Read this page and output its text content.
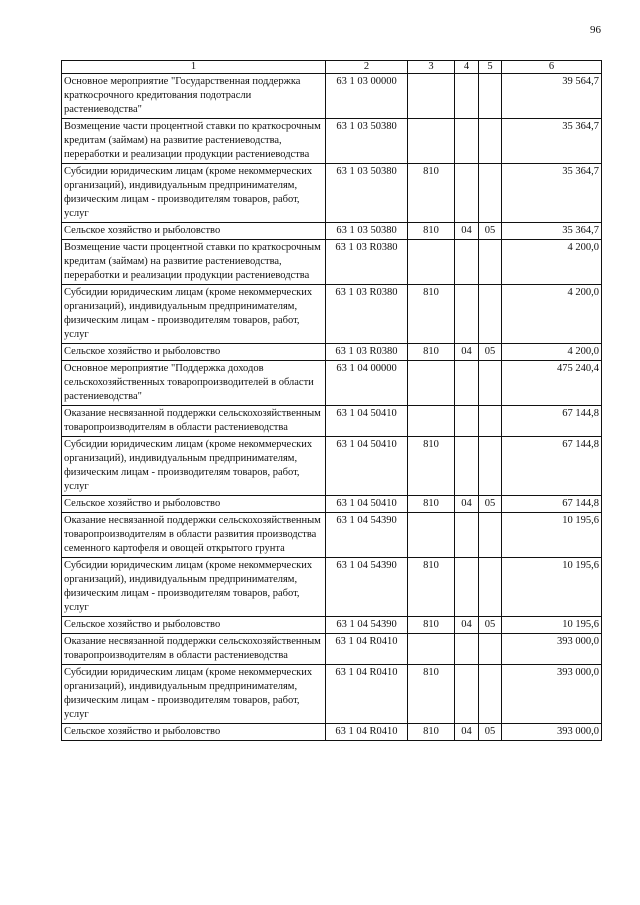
96
1	2	3	4	5	6
Основное мероприятие "Государственная поддержка краткосрочного кредитования подотрасли растениеводства"	63 1 03 00000				39 564,7
Возмещение части процентной ставки по краткосрочным кредитам (займам) на развитие растениеводства, переработки и реализации продукции растениеводства	63 1 03 50380				35 364,7
Субсидии юридическим лицам (кроме некоммерческих организаций), индивидуальным предпринимателям, физическим лицам - производителям товаров, работ, услуг	63 1 03 50380	810			35 364,7
Сельское хозяйство и рыболовство	63 1 03 50380	810	04	05	35 364,7
Возмещение части процентной ставки по краткосрочным кредитам (займам) на развитие растениеводства, переработки и реализации продукции растениеводства	63 1 03 R0380				4 200,0
Субсидии юридическим лицам (кроме некоммерческих организаций), индивидуальным предпринимателям, физическим лицам - производителям товаров, работ, услуг	63 1 03 R0380	810			4 200,0
Сельское хозяйство и рыболовство	63 1 03 R0380	810	04	05	4 200,0
Основное мероприятие "Поддержка доходов сельскохозяйственных товаропроизводителей в области растениеводства"	63 1 04 00000				475 240,4
Оказание несвязанной поддержки сельскохозяйственным товаропроизводителям в области растениеводства	63 1 04 50410				67 144,8
Субсидии юридическим лицам (кроме некоммерческих организаций), индивидуальным предпринимателям, физическим лицам - производителям товаров, работ, услуг	63 1 04 50410	810			67 144,8
Сельское хозяйство и рыболовство	63 1 04 50410	810	04	05	67 144,8
Оказание несвязанной поддержки сельскохозяйственным товаропроизводителям в области развития производства семенного картофеля и овощей открытого грунта	63 1 04 54390				10 195,6
Субсидии юридическим лицам (кроме некоммерческих организаций), индивидуальным предпринимателям, физическим лицам - производителям товаров, работ, услуг	63 1 04 54390	810			10 195,6
Сельское хозяйство и рыболовство	63 1 04 54390	810	04	05	10 195,6
Оказание несвязанной поддержки сельскохозяйственным товаропроизводителям в области растениеводства	63 1 04 R0410				393 000,0
Субсидии юридическим лицам (кроме некоммерческих организаций), индивидуальным предпринимателям, физическим лицам - производителям товаров, работ, услуг	63 1 04 R0410	810			393 000,0
Сельское хозяйство и рыболовство	63 1 04 R0410	810	04	05	393 000,0
